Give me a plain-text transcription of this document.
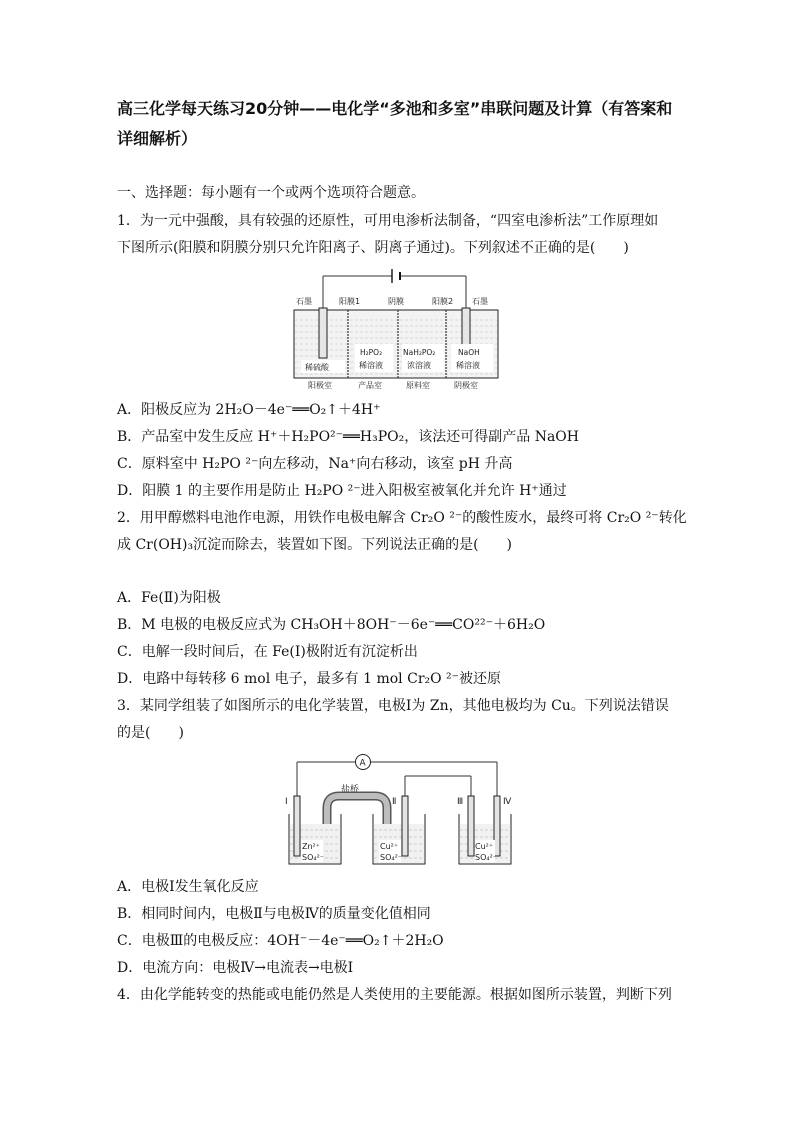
高三化学每天练习20分钟——电化学“多池和多室”串联问题及计算（有答案和详细解析）
一、选择题：每小题有一个或两个选项符合题意。
1．为一元中强酸，具有较强的还原性，可用电渗析法制备，“四室电渗析法”工作原理如
下图所示(阳膜和阴膜分别只允许阳离子、阴离子通过)。下列叙述不正确的是(　　)
石墨	阳膜1	阴膜	阳膜2 石墨
稀硫酸
H₂PO₂
稀溶液
NaH₂PO₂
浓溶液
NaOH
稀溶液
阳极室	产品室	原料室	阴极室
A．阳极反应为 2H₂O－4e⁻══O₂↑＋4H⁺
B．产品室中发生反应 H⁺＋H₂PO²⁻══H₃PO₂，该法还可得副产品 NaOH
C．原料室中 H₂PO ²⁻向左移动，Na⁺向右移动，该室 pH 升高
D．阳膜 1 的主要作用是防止 H₂PO ²⁻进入阳极室被氧化并允许 H⁺通过
2．用甲醇燃料电池作电源，用铁作电极电解含 Cr₂O ²⁻的酸性废水，最终可将 Cr₂O ²⁻转化
成 Cr(OH)₃沉淀而除去，装置如下图。下列说法正确的是(　　)
A．Fe(Ⅱ)为阳极
B．M 电极的电极反应式为 CH₃OH＋8OH⁻－6e⁻══CO²²⁻＋6H₂O
C．电解一段时间后，在 Fe(Ⅰ)极附近有沉淀析出
D．电路中每转移 6 mol 电子，最多有 1 mol Cr₂O ²⁻被还原
3．某同学组装了如图所示的电化学装置，电极Ⅰ为 Zn，其他电极均为 Cu。下列说法错误
的是(　　)
A
盐桥
Ⅰ	Ⅱ	Ⅲ	Ⅳ
Zn²⁺
SO₄²⁻
Cu²⁺
SO₄²⁻
Cu²⁺
SO₄²⁻
A．电极Ⅰ发生氧化反应
B．相同时间内，电极Ⅱ与电极Ⅳ的质量变化值相同
C．电极Ⅲ的电极反应：4OH⁻－4e⁻══O₂↑＋2H₂O
D．电流方向：电极Ⅳ→电流表→电极Ⅰ
4．由化学能转变的热能或电能仍然是人类使用的主要能源。根据如图所示装置，判断下列
